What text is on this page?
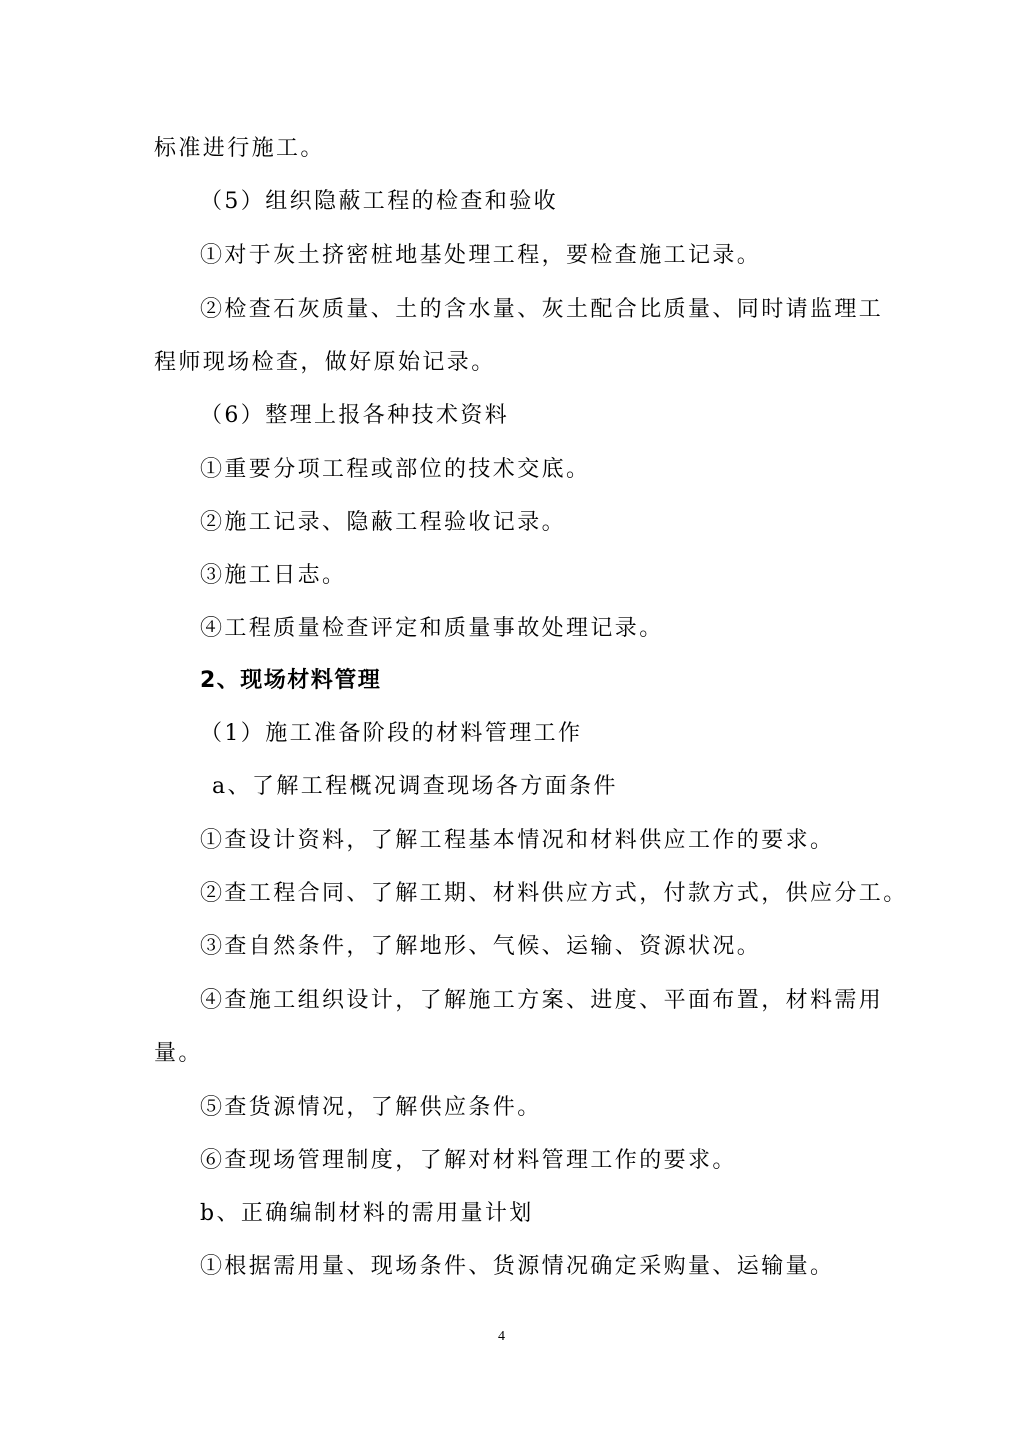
标准进行施工。
（5）组织隐蔽工程的检查和验收
①对于灰土挤密桩地基处理工程，要检查施工记录。
②检查石灰质量、土的含水量、灰土配合比质量、同时请监理工
程师现场检查，做好原始记录。
（6）整理上报各种技术资料
①重要分项工程或部位的技术交底。
②施工记录、隐蔽工程验收记录。
③施工日志。
④工程质量检查评定和质量事故处理记录。
2、现场材料管理
（1）施工准备阶段的材料管理工作
a、了解工程概况调查现场各方面条件
①查设计资料，了解工程基本情况和材料供应工作的要求。
②查工程合同、了解工期、材料供应方式，付款方式，供应分工。
③查自然条件，了解地形、气候、运输、资源状况。
④查施工组织设计，了解施工方案、进度、平面布置，材料需用
量。
⑤查货源情况，了解供应条件。
⑥查现场管理制度，了解对材料管理工作的要求。
b、正确编制材料的需用量计划
①根据需用量、现场条件、货源情况确定采购量、运输量。
4
